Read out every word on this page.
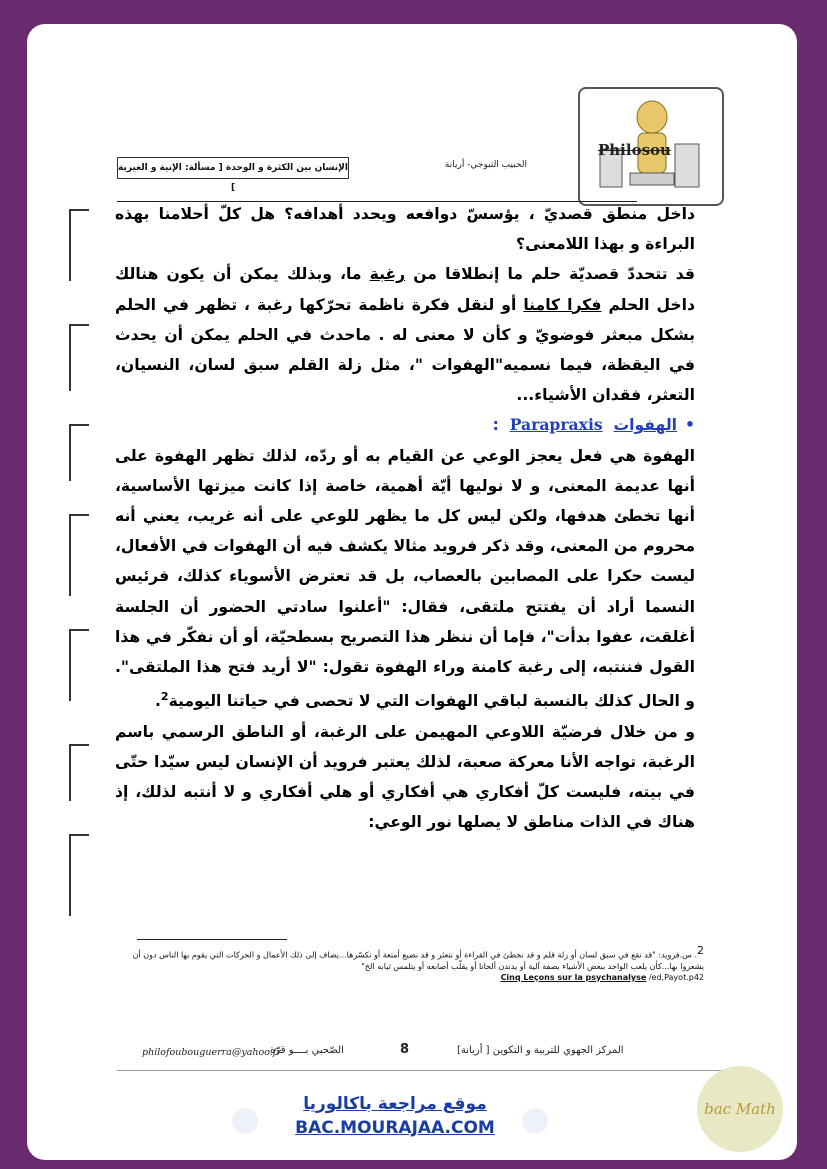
Philosou
الإنسان بين الكثرة و الوحدة [ مسألة: الإنية و الغيرية ]
الحبيب التبوجي- أريانة

داخل منطق قصديّ ، يؤسسّ دوافعه ويحدد أهدافه؟ هل كلّ أحلامنا بهذه البراءة و بهذا اللامعنى؟

قد تتحددّ قصديّة حلم ما إنطلاقا من رغبة ما، وبذلك يمكن أن يكون هنالك داخل الحلم فكرا كامنا أو لنقل فكرة ناظمة تحرّكها رغبة ، تظهر في الحلم بشكل مبعثر فوضويّ و كأن لا معنى له . ماحدث في الحلم يمكن أن يحدث في اليقظة، فيما نسميه"الهفوات "، مثل زلة القلم سبق لسان، النسيان، التعثر، فقدان الأشياء...

•الهفوات  Parapraxis  :

الهفوة هي فعل يعجز الوعي عن القيام به أو ردّه، لذلك تظهر الهفوة على أنها عديمة المعنى، و لا نوليها أيّة أهمية، خاصة إذا كانت ميزتها الأساسية، أنها تخطئ هدفها، ولكن ليس كل ما يظهر للوعي على أنه غريب، يعني أنه محروم من المعنى، وقد ذكر فرويد مثالا يكشف فيه أن الهفوات في الأفعال، ليست حكرا على المصابين بالعصاب، بل قد تعترض الأسوياء كذلك، فرئيس النسما أراد أن يفتتح ملتقى، فقال: "أعلنوا سادتي الحضور أن الجلسة أغلقت، عفوا بدأت"، فإما أن ننظر هذا التصريح بسطحيّة، أو أن نفكّر في هذا القول فننتبه، إلى رغبة كامنة وراء الهفوة تقول: "لا أريد فتح هذا الملتقى". و الحال كذلك بالنسبة لباقي الهفوات التي لا تحصى في حياتنا اليومية$^2$.

و من خلال فرضيّة اللاوعي المهيمن على الرغبة، أو الناطق الرسمي باسم الرغبة، تواجه الأنا معركة صعبة، لذلك يعتبر فرويد أن الإنسان ليس سيّدا حتّى في بيته، فليست كلّ أفكاري هي أفكاري أو هلي أفكاري و لا أنتبه لذلك، إذ هناك في الذات مناطق لا يصلها نور الوعي:

$^2$. س.فرويد: "قد نقع في سبق لسان أو زلة قلم و قد نخطئ في القراءة أو نتعثر و قد نضيع أمتعة أو نكسّرها...يضاف إلى ذلك الأعمال و الحركات التي يقوم بها الناس دون أن يشعروا بها...كأن يلعب الواحد ببعض الأشياء بصفة آلية أو يدندن ألحانا أو يقلّب أصابعه أو يتلمس ثيابه الخ"
Cinq Leçons sur la psychanalyse /ed,Payot.p42
philofoubouguerra@yahoo.fr
الصّحبي بــــو قرّة	8	المركز الجهوي للتربية و التكوين [ أريانة]
موقع مراجعة باكالوريا
BAC.MOURAJAA.COM
bac Math
